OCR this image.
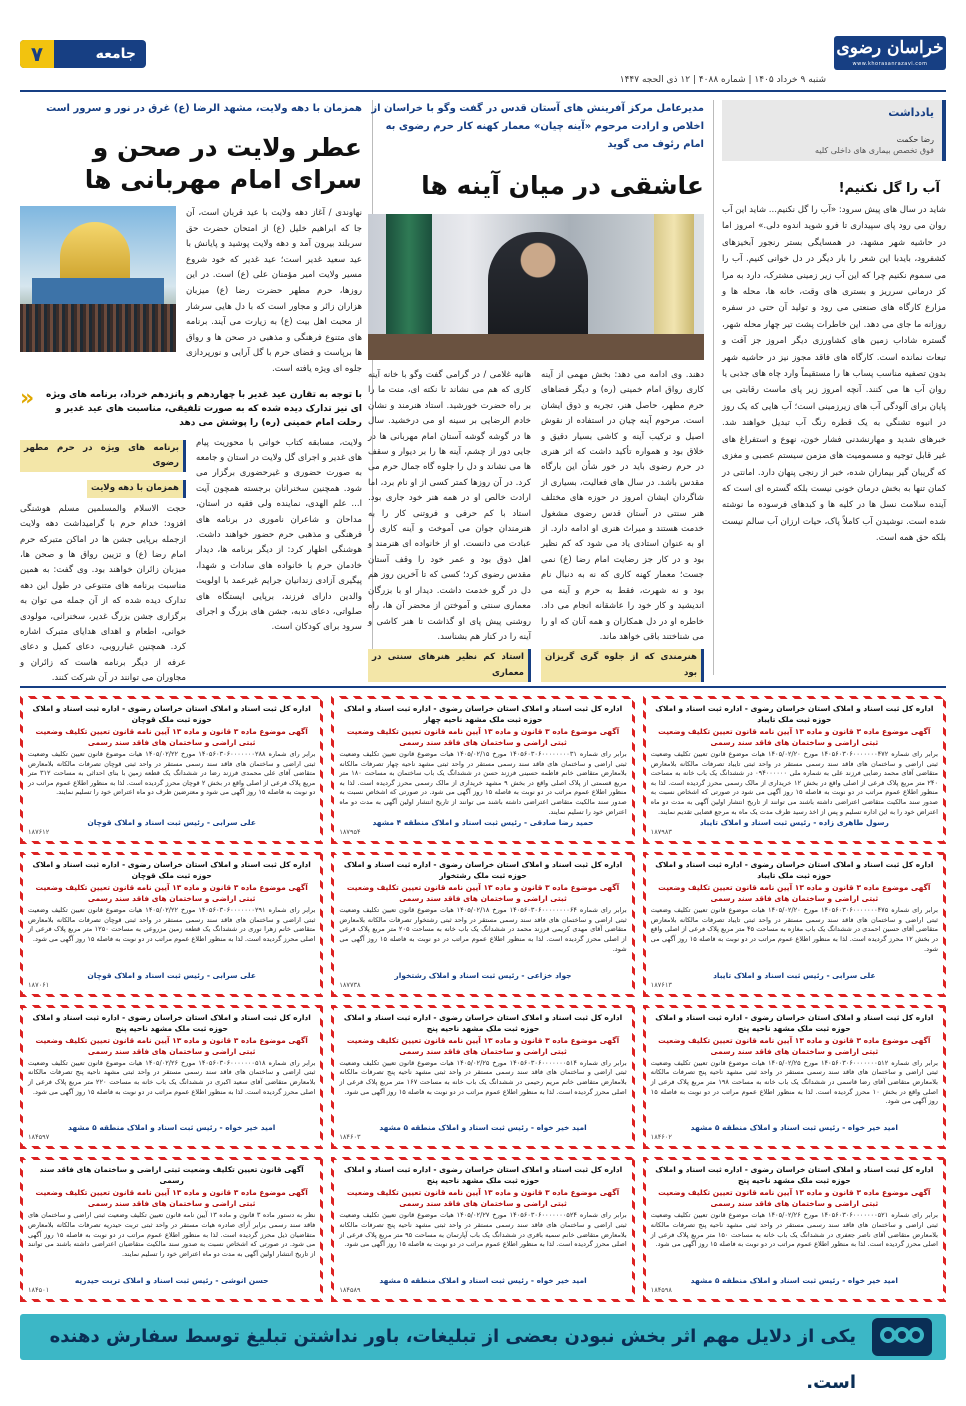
خراسان رضوی
www.khorasanrazavi.com
۷	جامعه
شنبه ۹ خرداد ۱۴۰۵ | شماره ۴۰۸۸ | ۱۲ ذی الحجه ۱۴۴۷
یادداشت
رضا حکمت
فوق تخصص بیماری های داخلی کلیه
آب را گل نکنیم!
شاید در سال های پیش سرود: «آب را گل نکنیم... شاید این آب روان می رود پای سپیداری تا فرو شوید اندوه دلی.» امروز اما در حاشیه شهر مشهد، در همسایگی بستر رنجور آبخیزهای کشفرود، بایدبا این شعر را بار دیگر در دل خوانی کنیم. آب را می سموم نکنیم چرا که این آب زیر زمینی مشترک، دارد به مرا کز درمانی سرریز و بستری های وقت، خانه ها، محله ها و مزارع کارگاه های صنعتی می رود و تولید آن حتی در سفره روزانه ما جای می دهد. این خاطرات پشت تیر چهار محله شهر، گستره شاداب زمین های کشاورزی دیگر امروز جز آفت و تبعات نمانده است. کارگاه های فاقد مجوز نیز در حاشیه شهر بدون تصفیه مناسب پساب ها را مستقیماً وارد چاه های جذبی یا روان آب ها می کنند. آنچه امروز زیر پای ماست رقابتی بی پایان برای آلودگی آب های زیرزمینی است؛ آب هایی که یک روز در انبوه تشنگی به یک قطره رنگ آب تبدیل خواهند شد. خبرهای شدید و مهارنشدنی فشار خون، نهوع و استفراغ های غیر قابل توجیه و مسمومیت های مزمن سیستم عصبی و مغزی که گریبان گیر بیماران شده، خبر از رنجی پنهان دارد. امانتی در کمان تنها به بخش درمان خونی نیست بلکه گستره ای است که آینده سلامت نسل ها در کلیه ها و کبدهای فرسوده ما نوشته شده است. نوشیدن آب کاملاً پاک، حیات ارزان آب سالم نیست بلکه حق همه است.
مدیرعامل مرکز آفرینش های آستان قدس در گفت وگو با خراسان از اخلاص و ارادت مرحوم «آینه چیان» معمار کهنه کار حرم رضوی به امام رئوف می گوید
عاشقی در میان آینه ها
دهند. وی ادامه می دهد: بخش مهمی از آینه کاری رواق امام خمینی (ره) و دیگر فضاهای حرم مطهر، حاصل هنر، تجربه و ذوق ایشان است. مرحوم آینه چیان در استفاده از نقوش اصیل و ترکیب آینه و کاشی بسیار دقیق و خلاق بود و همواره تأکید داشت که اثر هنری در حرم رضوی باید در خور شأن این بارگاه مقدس باشد. در سال های فعالیت، بسیاری از شاگردان ایشان امروز در حوزه های مختلف هنر سنتی در آستان قدس رضوی مشغول خدمت هستند و میراث هنری او ادامه دارد. از او به عنوان استادی یاد می شود که کم نظیر بود و در کار جز رضایت امام رضا (ع) نمی جست؛ معمار کهنه کاری که نه به دنبال نام بود و نه شهرت، فقط به حرم و آینه می اندیشید و کار خود را عاشقانه انجام می داد. خاطره او در دل همکاران و همه آنان که او را می شناختند باقی خواهد ماند.
هنرمندی که از جلوه گری گریزان بود
هانیه غلامی / در گرامی گفت وگو با خانه آینه کاری که هم می نشاند تا نکته ای، منت ما را بر راه حضرت خورشید. استاد هنرمند و نشان خادم الرضایی بر سینه او می درخشید. سال ها در گوشه گوشه آستان امام مهربانی ها در جایی دور از چشم، آینه ها را بر دیوار و سقف ها می نشاند و دل را جلوه گاه جمال حرم می کرد. در آن روزها کمتر کسی از او نام برد، اما ارادت خالص او در همه هنر خود جاری بود. استاد با کم حرفی و فروتنی کار را به هنرمندان جوان می آموخت و آینه کاری را عبادت می دانست. او از خانواده ای هنرمند و اهل ذوق بود و عمر خود را وقف آستان مقدس رضوی کرد؛ کسی که تا آخرین روز هم دل در گرو خدمت داشت. دیدار او با بزرگان معماری سنتی و آموختن از محضر آن ها، راه روشنی پیش پای او گذاشت تا هنر کاشی و آینه را در کنار هم بشناسد.
استاد کم نظیر هنرهای سنتی در معماری
همزمان با دهه ولایت، مشهد الرضا (ع) غرق در نور و سرور است
عطر ولایت در صحن و سرای امام مهربانی ها
نهاوندی / آغاز دهه ولایت با عید قربان است، آن جا که ابراهیم خلیل (ع) از امتحان حضرت حق سربلند بیرون آمد و دهه ولایت پوشید و پایانش با عید سعید غدیر است؛ عید غدیر که خود شروع مسیر ولایت امیر مؤمنان علی (ع) است. در این روزها، حرم مطهر حضرت رضا (ع) میزبان هزاران زائر و مجاور است که با دل هایی سرشار از محبت اهل بیت (ع) به زیارت می آیند. برنامه های متنوع فرهنگی و مذهبی در صحن ها و رواق ها برپاست و فضای حرم با گل آرایی و نورپردازی جلوه ای ویژه یافته است.
با توجه به تقارن عید غدیر با چهاردهم و پانزدهم خرداد، برنامه های ویژه ای نیز تدارک دیده شده که به صورت تلفیقی، مناسبت های عید غدیر و رحلت امام خمینی (ره) را پوشش می دهد
«
ولایت، مسابقه کتاب خوانی با محوریت پیام های غدیر و اجرای گل ولایت در استان و جامعه به صورت حضوری و غیرحضوری برگزار می شود. همچنین سخنرانان برجسته همچون آیت ا... علم الهدی، نماینده ولی فقیه در استان، مداحان و شاعران ناموری در برنامه های فرهنگی و مذهبی حرم حضور خواهند داشت. هوشنگی اظهار کرد: از دیگر برنامه ها، دیدار خادمان حرم با خانواده های سادات و شهدا، پیگیری آزادی زندانیان جرایم غیرعمد با اولویت والدین دارای فرزند، برپایی ایستگاه های صلواتی، دعای ندبه، جشن های بزرگ و اجرای سرود برای کودکان است.
برنامه های ویژه در حرم مطهر رضوی
همزمان با دهه ولایت
حجت الاسلام والمسلمین مسلم هوشنگی افزود: خدام حرم با گرامیداشت دهه ولایت ازجمله برپایی جشن ها در اماکن متبرکه حرم امام رضا (ع) و تزیین رواق ها و صحن ها، میزبان زائران خواهند بود. وی گفت: به همین مناسبت برنامه های متنوعی در طول این دهه تدارک دیده شده که از آن جمله می توان به برگزاری جشن بزرگ غدیر، سخنرانی، مولودی خوانی، اطعام و اهدای هدایای متبرک اشاره کرد. همچنین غبارروبی، دعای کمیل و دعای عرفه از دیگر برنامه هاست که زائران و مجاوران می توانند در آن شرکت کنند.
اداره کل ثبت اسناد و املاک استان خراسان رضوی - اداره ثبت اسناد و املاک حوزه ثبت ملک تایباد
آگهی موضوع ماده ۳ قانون و ماده ۱۳ آیین نامه قانون تعیین تکلیف وضعیت ثبتی اراضی و ساختمان های فاقد سند رسمی
برابر رای شماره ۱۴۰۵۶۰۳۰۶۰۰۰۰۰۰۰۴۷۲ مورخ ۱۴۰۵/۰۲/۲۰ هیات موضوع قانون تعیین تکلیف وضعیت ثبتی اراضی و ساختمان های فاقد سند رسمی مستقر در واحد ثبتی تایباد تصرفات مالکانه بلامعارض متقاضی آقای محمد رضایی فرزند علی به شماره ملی ۰۹۴۰۰۰۰۰۰ در ششدانگ یک باب خانه به مساحت ۲۴۰ متر مربع پلاک فرعی از اصلی واقع در بخش ۱۲ خریداری از مالک رسمی محرز گردیده است. لذا به منظور اطلاع عموم مراتب در دو نوبت به فاصله ۱۵ روز آگهی می شود در صورتی که اشخاص نسبت به صدور سند مالکیت متقاضی اعتراضی داشته باشند می توانند از تاریخ انتشار اولین آگهی به مدت دو ماه اعتراض خود را به این اداره تسلیم و پس از اخذ رسید ظرف مدت یک ماه به مرجع قضایی تقدیم نمایند.
رسول طاهری زاده - رئیس ثبت اسناد و املاک تایباد
۱۸۷۹۸۳
اداره کل ثبت اسناد و املاک استان خراسان رضوی - اداره ثبت اسناد و املاک حوزه ثبت ملک مشهد ناحیه چهار
آگهی موضوع ماده ۳ قانون و ماده ۱۳ آیین نامه قانون تعیین تکلیف وضعیت ثبتی اراضی و ساختمان های فاقد سند رسمی
برابر رای شماره ۱۴۰۵۶۰۳۰۶۰۰۰۰۰۰۰۰۳۱ مورخ ۱۴۰۵/۰۲/۱۵ هیات موضوع قانون تعیین تکلیف وضعیت ثبتی اراضی و ساختمان های فاقد سند رسمی مستقر در واحد ثبتی مشهد ناحیه چهار تصرفات مالکانه بلامعارض متقاضی خانم فاطمه حسینی فرزند حسن در ششدانگ یک باب ساختمان به مساحت ۱۸۰ متر مربع قسمتی از پلاک اصلی واقع در بخش ۹ مشهد خریداری از مالک رسمی محرز گردیده است. لذا به منظور اطلاع عموم مراتب در دو نوبت به فاصله ۱۵ روز آگهی می شود. در صورتی که اشخاص نسبت به صدور سند مالکیت متقاضی اعتراضی داشته باشند می توانند از تاریخ انتشار اولین آگهی به مدت دو ماه اعتراض خود را تسلیم نمایند.
حمید رضا صادقی - رئیس ثبت اسناد و املاک منطقه ۴ مشهد
۱۸۷۹۵۴
اداره کل ثبت اسناد و املاک استان خراسان رضوی - اداره ثبت اسناد و املاک حوزه ثبت ملک قوچان
آگهی موضوع ماده ۳ قانون و ماده ۱۳ آیین نامه قانون تعیین تکلیف وضعیت ثبتی اراضی و ساختمان های فاقد سند رسمی
برابر رای شماره ۱۴۰۵۶۰۳۰۶۰۰۰۰۰۰۰۲۸۸ مورخ ۱۴۰۵/۰۲/۲۲ هیات موضوع قانون تعیین تکلیف وضعیت ثبتی اراضی و ساختمان های فاقد سند رسمی مستقر در واحد ثبتی قوچان تصرفات مالکانه بلامعارض متقاضی آقای علی محمدی فرزند رضا در ششدانگ یک قطعه زمین با بنای احداثی به مساحت ۳۱۲ متر مربع پلاک فرعی از اصلی واقع در بخش ۲ قوچان محرز گردیده است. لذا به منظور اطلاع عموم مراتب در دو نوبت به فاصله ۱۵ روز آگهی می شود و معترضین ظرف دو ماه اعتراض خود را تسلیم نمایند.
علی سرابی - رئیس ثبت اسناد و املاک قوچان
۱۸۷۶۱۲
اداره کل ثبت اسناد و املاک استان خراسان رضوی - اداره ثبت اسناد و املاک حوزه ثبت ملک تایباد
آگهی موضوع ماده ۳ قانون و ماده ۱۳ آیین نامه قانون تعیین تکلیف وضعیت ثبتی اراضی و ساختمان های فاقد سند رسمی
برابر رای شماره ۱۴۰۵۶۰۳۰۶۰۰۰۰۰۰۰۴۷۵ مورخ ۱۴۰۵/۰۲/۲۰ هیات موضوع قانون تعیین تکلیف وضعیت ثبتی اراضی و ساختمان های فاقد سند رسمی مستقر در واحد ثبتی تایباد تصرفات مالکانه بلامعارض متقاضی آقای حسین احمدی در ششدانگ یک باب مغازه به مساحت ۴۵ متر مربع پلاک فرعی از اصلی واقع در بخش ۱۲ محرز گردیده است. لذا به منظور اطلاع عموم مراتب در دو نوبت به فاصله ۱۵ روز آگهی می شود.
علی سرابی - رئیس ثبت اسناد و املاک تایباد
۱۸۷۶۱۳
اداره کل ثبت اسناد و املاک استان خراسان رضوی - اداره ثبت اسناد و املاک حوزه ثبت ملک رشتخوار
آگهی موضوع ماده ۳ قانون و ماده ۱۳ آیین نامه قانون تعیین تکلیف وضعیت ثبتی اراضی و ساختمان های فاقد سند رسمی
برابر رای شماره ۱۴۰۵۶۰۳۰۶۰۰۰۰۰۰۰۰۶۴ مورخ ۱۴۰۵/۰۲/۱۸ هیات موضوع قانون تعیین تکلیف وضعیت ثبتی اراضی و ساختمان های فاقد سند رسمی مستقر در واحد ثبتی رشتخوار تصرفات مالکانه بلامعارض متقاضی آقای مهدی کریمی فرزند محمد در ششدانگ یک باب خانه به مساحت ۲۰۵ متر مربع پلاک فرعی از اصلی محرز گردیده است. لذا به منظور اطلاع عموم مراتب در دو نوبت به فاصله ۱۵ روز آگهی می شود.
جواد خزاعی - رئیس ثبت اسناد و املاک رشتخوار
۱۸۷۷۳۸
اداره کل ثبت اسناد و املاک استان خراسان رضوی - اداره ثبت اسناد و املاک حوزه ثبت ملک قوچان
آگهی موضوع ماده ۳ قانون و ماده ۱۳ آیین نامه قانون تعیین تکلیف وضعیت ثبتی اراضی و ساختمان های فاقد سند رسمی
برابر رای شماره ۱۴۰۵۶۰۳۰۶۰۰۰۰۰۰۰۲۹۱ مورخ ۱۴۰۵/۰۲/۲۲ هیات موضوع قانون تعیین تکلیف وضعیت ثبتی اراضی و ساختمان های فاقد سند رسمی مستقر در واحد ثبتی قوچان تصرفات مالکانه بلامعارض متقاضی خانم زهرا نوری در ششدانگ یک قطعه زمین مزروعی به مساحت ۱۲۵۰ متر مربع پلاک فرعی از اصلی محرز گردیده است. لذا به منظور اطلاع عموم مراتب در دو نوبت به فاصله ۱۵ روز آگهی می شود.
علی سرابی - رئیس ثبت اسناد و املاک قوچان
۱۸۷۰۶۱
اداره کل ثبت اسناد و املاک استان خراسان رضوی - اداره ثبت اسناد و املاک حوزه ثبت ملک مشهد ناحیه پنج
آگهی موضوع ماده ۳ قانون و ماده ۱۳ آیین نامه قانون تعیین تکلیف وضعیت ثبتی اراضی و ساختمان های فاقد سند رسمی
برابر رای شماره ۱۴۰۵۶۰۳۰۶۰۰۰۰۰۰۰۵۱۲ مورخ ۱۴۰۵/۰۲/۲۵ هیات موضوع قانون تعیین تکلیف وضعیت ثبتی اراضی و ساختمان های فاقد سند رسمی مستقر در واحد ثبتی مشهد ناحیه پنج تصرفات مالکانه بلامعارض متقاضی آقای رضا قاسمی در ششدانگ یک باب خانه به مساحت ۱۹۸ متر مربع پلاک فرعی از اصلی واقع در بخش ۱۰ محرز گردیده است. لذا به منظور اطلاع عموم مراتب در دو نوبت به فاصله ۱۵ روز آگهی می شود.
امید خیر خواه - رئیس ثبت اسناد و املاک منطقه ۵ مشهد
۱۸۴۶۰۲
اداره کل ثبت اسناد و املاک استان خراسان رضوی - اداره ثبت اسناد و املاک حوزه ثبت ملک مشهد ناحیه پنج
آگهی موضوع ماده ۳ قانون و ماده ۱۳ آیین نامه قانون تعیین تکلیف وضعیت ثبتی اراضی و ساختمان های فاقد سند رسمی
برابر رای شماره ۱۴۰۵۶۰۳۰۶۰۰۰۰۰۰۰۵۱۴ مورخ ۱۴۰۵/۰۲/۲۵ هیات موضوع قانون تعیین تکلیف وضعیت ثبتی اراضی و ساختمان های فاقد سند رسمی مستقر در واحد ثبتی مشهد ناحیه پنج تصرفات مالکانه بلامعارض متقاضی خانم مریم رحیمی در ششدانگ یک باب خانه به مساحت ۱۶۷ متر مربع پلاک فرعی از اصلی محرز گردیده است. لذا به منظور اطلاع عموم مراتب در دو نوبت به فاصله ۱۵ روز آگهی می شود.
امید خیر خواه - رئیس ثبت اسناد و املاک منطقه ۵ مشهد
۱۸۴۶۰۳
اداره کل ثبت اسناد و املاک استان خراسان رضوی - اداره ثبت اسناد و املاک حوزه ثبت ملک مشهد ناحیه پنج
آگهی موضوع ماده ۳ قانون و ماده ۱۳ آیین نامه قانون تعیین تکلیف وضعیت ثبتی اراضی و ساختمان های فاقد سند رسمی
برابر رای شماره ۱۴۰۵۶۰۳۰۶۰۰۰۰۰۰۰۵۱۸ مورخ ۱۴۰۵/۰۲/۲۶ هیات موضوع قانون تعیین تکلیف وضعیت ثبتی اراضی و ساختمان های فاقد سند رسمی مستقر در واحد ثبتی مشهد ناحیه پنج تصرفات مالکانه بلامعارض متقاضی آقای سعید اکبری در ششدانگ یک باب خانه به مساحت ۲۲۰ متر مربع پلاک فرعی از اصلی محرز گردیده است. لذا به منظور اطلاع عموم مراتب در دو نوبت به فاصله ۱۵ روز آگهی می شود.
امید خیر خواه - رئیس ثبت اسناد و املاک منطقه ۵ مشهد
۱۸۴۵۹۷
اداره کل ثبت اسناد و املاک استان خراسان رضوی - اداره ثبت اسناد و املاک حوزه ثبت ملک مشهد ناحیه پنج
آگهی موضوع ماده ۳ قانون و ماده ۱۳ آیین نامه قانون تعیین تکلیف وضعیت ثبتی اراضی و ساختمان های فاقد سند رسمی
برابر رای شماره ۱۴۰۵۶۰۳۰۶۰۰۰۰۰۰۰۵۲۱ مورخ ۱۴۰۵/۰۲/۲۶ هیات موضوع قانون تعیین تکلیف وضعیت ثبتی اراضی و ساختمان های فاقد سند رسمی مستقر در واحد ثبتی مشهد ناحیه پنج تصرفات مالکانه بلامعارض متقاضی آقای ناصر جعفری در ششدانگ یک باب خانه به مساحت ۱۵۰ متر مربع پلاک فرعی از اصلی محرز گردیده است. لذا به منظور اطلاع عموم مراتب در دو نوبت به فاصله ۱۵ روز آگهی می شود.
امید خیر خواه - رئیس ثبت اسناد و املاک منطقه ۵ مشهد
۱۸۴۵۹۸
اداره کل ثبت اسناد و املاک استان خراسان رضوی - اداره ثبت اسناد و املاک حوزه ثبت ملک مشهد ناحیه پنج
آگهی موضوع ماده ۳ قانون و ماده ۱۳ آیین نامه قانون تعیین تکلیف وضعیت ثبتی اراضی و ساختمان های فاقد سند رسمی
برابر رای شماره ۱۴۰۵۶۰۳۰۶۰۰۰۰۰۰۰۵۲۴ مورخ ۱۴۰۵/۰۲/۲۷ هیات موضوع قانون تعیین تکلیف وضعیت ثبتی اراضی و ساختمان های فاقد سند رسمی مستقر در واحد ثبتی مشهد ناحیه پنج تصرفات مالکانه بلامعارض متقاضی خانم سمیه باقری در ششدانگ یک باب آپارتمان به مساحت ۹۵ متر مربع پلاک فرعی از اصلی محرز گردیده است. لذا به منظور اطلاع عموم مراتب در دو نوبت به فاصله ۱۵ روز آگهی می شود.
امید خیر خواه - رئیس ثبت اسناد و املاک منطقه ۵ مشهد
۱۸۴۵۸۹
آگهی قانون تعیین تکلیف وضعیت ثبتی اراضی و ساختمان های فاقد سند رسمی
آگهی موضوع ماده ۳ قانون و ماده ۱۳ آیین نامه قانون تعیین تکلیف وضعیت ثبتی اراضی و ساختمان های فاقد سند رسمی
نظر به دستور ماده ۳ قانون و ماده ۱۳ آیین نامه قانون تعیین تکلیف وضعیت ثبتی اراضی و ساختمان های فاقد سند رسمی برابر آرای صادره هیات مستقر در واحد ثبتی تربت حیدریه تصرفات مالکانه بلامعارض متقاضیان ذیل محرز گردیده است. لذا به منظور اطلاع عموم مراتب در دو نوبت به فاصله ۱۵ روز آگهی می شود. در صورتی که اشخاص نسبت به صدور سند مالکیت متقاضیان اعتراضی داشته باشند می توانند از تاریخ انتشار اولین آگهی به مدت دو ماه اعتراض خود را تسلیم نمایند.
حسن انوشی - رئیس ثبت اسناد و املاک تربت حیدریه
۱۸۴۵۰۱
یکی از دلایل مهم اثر بخش نبودن بعضی از تبلیغات، باور نداشتن تبلیغ توسط سفارش دهنده است.
